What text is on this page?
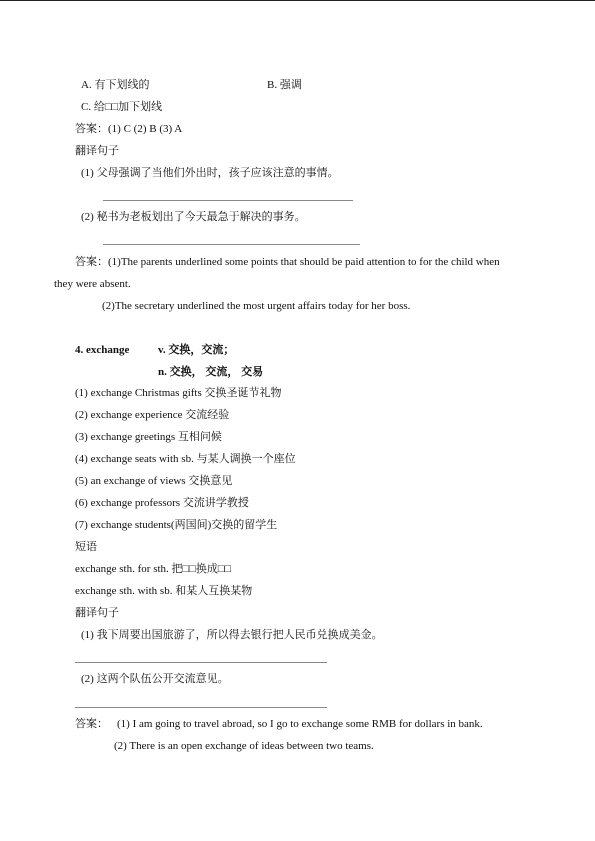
A. 有下划线的	B. 强调
C. 给□□加下划线
答案：(1) C (2) B (3) A
翻译句子
(1) 父母强调了当他们外出时，孩子应该注意的事情。
(2) 秘书为老板划出了今天最急于解决的事务。
答案：(1)The parents underlined some points that should be paid attention to for the child when
they were absent.
(2)The secretary underlined the most urgent affairs today for her boss.
4. exchange	v. 交换，交流；
n. 交换， 交流， 交易
(1) exchange Christmas gifts 交换圣诞节礼物
(2) exchange experience 交流经验
(3) exchange greetings 互相问候
(4) exchange seats with sb. 与某人调换一个座位
(5) an exchange of views 交换意见
(6) exchange professors 交流讲学教授
(7) exchange students(两国间)交换的留学生
短语
exchange sth. for sth. 把□□换成□□
exchange sth. with sb. 和某人互换某物
翻译句子
(1) 我下周要出国旅游了，所以得去银行把人民币兑换成美金。
(2) 这两个队伍公开交流意见。
答案： (1) I am going to travel abroad, so I go to exchange some RMB for dollars in bank.
(2) There is an open exchange of ideas between two teams.
